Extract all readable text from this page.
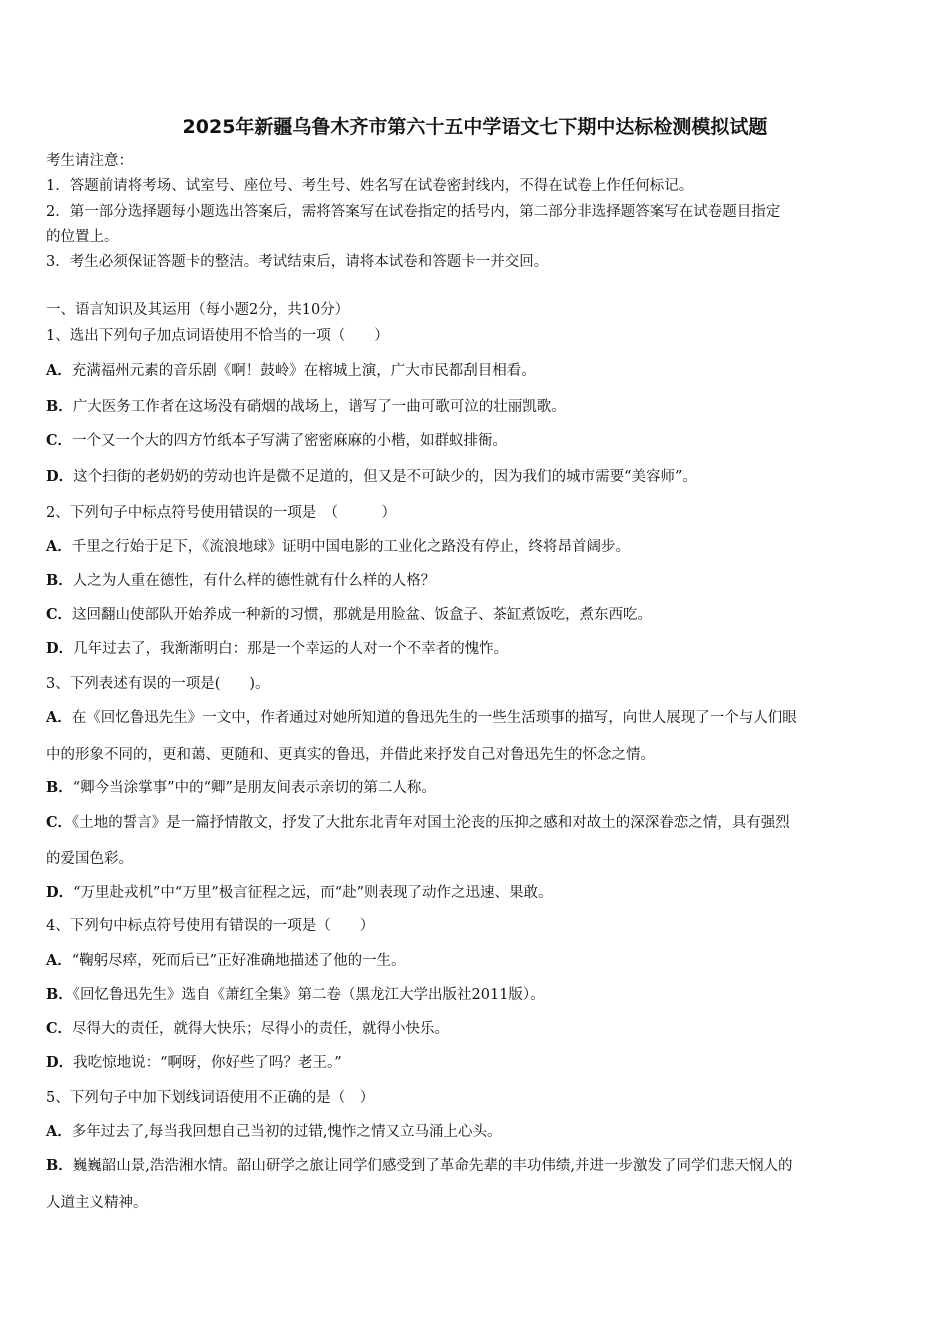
2025年新疆乌鲁木齐市第六十五中学语文七下期中达标检测模拟试题
考生请注意：
1．答题前请将考场、试室号、座位号、考生号、姓名写在试卷密封线内，不得在试卷上作任何标记。
2．第一部分选择题每小题选出答案后，需将答案写在试卷指定的括号内，第二部分非选择题答案写在试卷题目指定
的位置上。
3．考生必须保证答题卡的整洁。考试结束后，请将本试卷和答题卡一并交回。
一、语言知识及其运用（每小题2分，共10分）
1、选出下列句子加点词语使用不恰当的一项（　　）
A．充满福州元素的音乐剧《啊！鼓岭》在榕城上演，广大市民都刮目相看。
B．广大医务工作者在这场没有硝烟的战场上，谱写了一曲可歌可泣的壮丽凯歌。
C．一个又一个大的四方竹纸本子写满了密密麻麻的小楷，如群蚁排衙。
D．这个扫街的老奶奶的劳动也许是微不足道的，但又是不可缺少的，因为我们的城市需要“美容师”。
2、下列句子中标点符号使用错误的一项是　（　　　）
A．千里之行始于足下，《流浪地球》证明中国电影的工业化之路没有停止，终将昂首阔步。
B．人之为人重在德性，有什么样的德性就有什么样的人格？
C．这回翻山使部队开始养成一种新的习惯，那就是用脸盆、饭盒子、茶缸煮饭吃，煮东西吃。
D．几年过去了，我渐渐明白：那是一个幸运的人对一个不幸者的愧怍。
3、下列表述有误的一项是(　　)。
A．在《回忆鲁迅先生》一文中，作者通过对她所知道的鲁迅先生的一些生活琐事的描写，向世人展现了一个与人们眼
中的形象不同的，更和蔼、更随和、更真实的鲁迅，并借此来抒发自己对鲁迅先生的怀念之情。
B．“卿今当涂掌事”中的“卿”是朋友间表示亲切的第二人称。
C．《土地的誓言》是一篇抒情散文，抒发了大批东北青年对国土沦丧的压抑之感和对故土的深深眷恋之情，具有强烈
的爱国色彩。
D．“万里赴戎机”中“万里”极言征程之远，而“赴”则表现了动作之迅速、果敢。
4、下列句中标点符号使用有错误的一项是（　　）
A．“鞠躬尽瘁，死而后已”正好准确地描述了他的一生。
B．《回忆鲁迅先生》选自《萧红全集》第二卷（黑龙江大学出版社2011版）。
C．尽得大的责任，就得大快乐；尽得小的责任，就得小快乐。
D．我吃惊地说：“啊呀，你好些了吗？老王。”
5、下列句子中加下划线词语使用不正确的是（　）
A．多年过去了,每当我回想自己当初的过错,愧怍之情又立马涌上心头。
B．巍巍韶山景,浩浩湘水情。韶山研学之旅让同学们感受到了革命先辈的丰功伟绩,并进一步激发了同学们悲天悯人的
人道主义精神。
